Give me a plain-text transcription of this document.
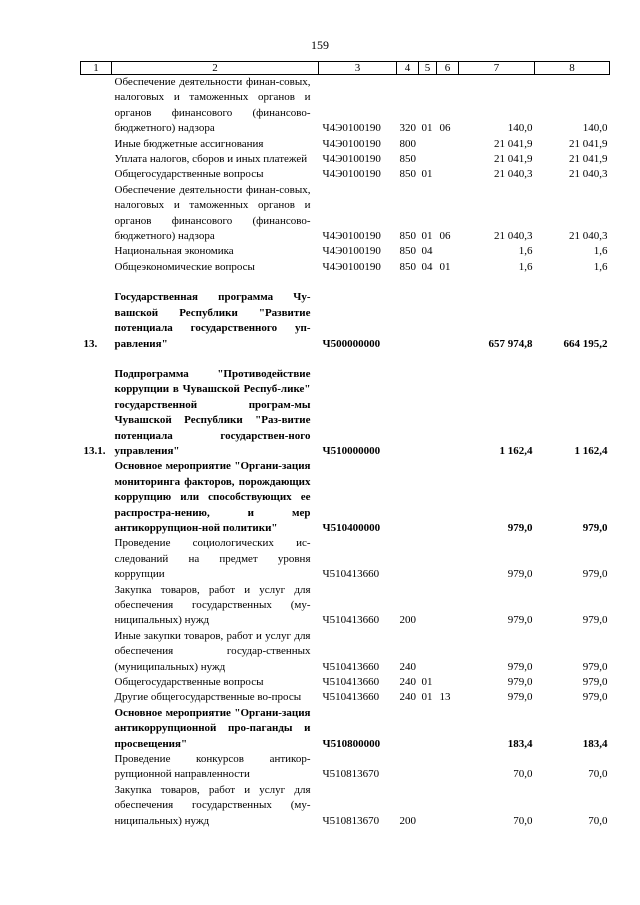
159
1	2	3	4	5	6	7	8
	Обеспечение деятельности финан-совых, налоговых и таможенных органов и органов финансового (финансово-бюджетного) надзора	Ч4Э0100190	320	01	06	140,0	140,0
	Иные бюджетные ассигнования	Ч4Э0100190	800			21 041,9	21 041,9
	Уплата налогов, сборов и иных платежей	Ч4Э0100190	850			21 041,9	21 041,9
	Общегосударственные вопросы	Ч4Э0100190	850	01		21 040,3	21 040,3
	Обеспечение деятельности финан-совых, налоговых и таможенных органов и органов финансового (финансово-бюджетного) надзора	Ч4Э0100190	850	01	06	21 040,3	21 040,3
	Национальная экономика	Ч4Э0100190	850	04		1,6	1,6
	Общеэкономические вопросы	Ч4Э0100190	850	04	01	1,6	1,6

13.	Государственная программа Чу-вашской Республики "Развитие потенциала государственного уп-равления"	Ч500000000				657 974,8	664 195,2

13.1.	Подпрограмма "Противодействие коррупции в Чувашской Респуб-лике" государственной програм-мы Чувашской Республики "Раз-витие потенциала государствен-ного управления"	Ч510000000				1 162,4	1 162,4
	Основное мероприятие "Органи-зация мониторинга факторов, порождающих коррупцию или способствующих ее распростра-нению, и мер антикоррупцион-ной политики"	Ч510400000				979,0	979,0
	Проведение социологических ис-следований на предмет уровня коррупции	Ч510413660				979,0	979,0
	Закупка товаров, работ и услуг для обеспечения государственных (му-ниципальных) нужд	Ч510413660	200			979,0	979,0
	Иные закупки товаров, работ и услуг для обеспечения государ-ственных (муниципальных) нужд	Ч510413660	240			979,0	979,0
	Общегосударственные вопросы	Ч510413660	240	01		979,0	979,0
	Другие общегосударственные во-просы	Ч510413660	240	01	13	979,0	979,0
	Основное мероприятие "Органи-зация антикоррупционной про-паганды и просвещения"	Ч510800000				183,4	183,4
	Проведение конкурсов антикор-рупционной направленности	Ч510813670				70,0	70,0
	Закупка товаров, работ и услуг для обеспечения государственных (му-ниципальных) нужд	Ч510813670	200			70,0	70,0
